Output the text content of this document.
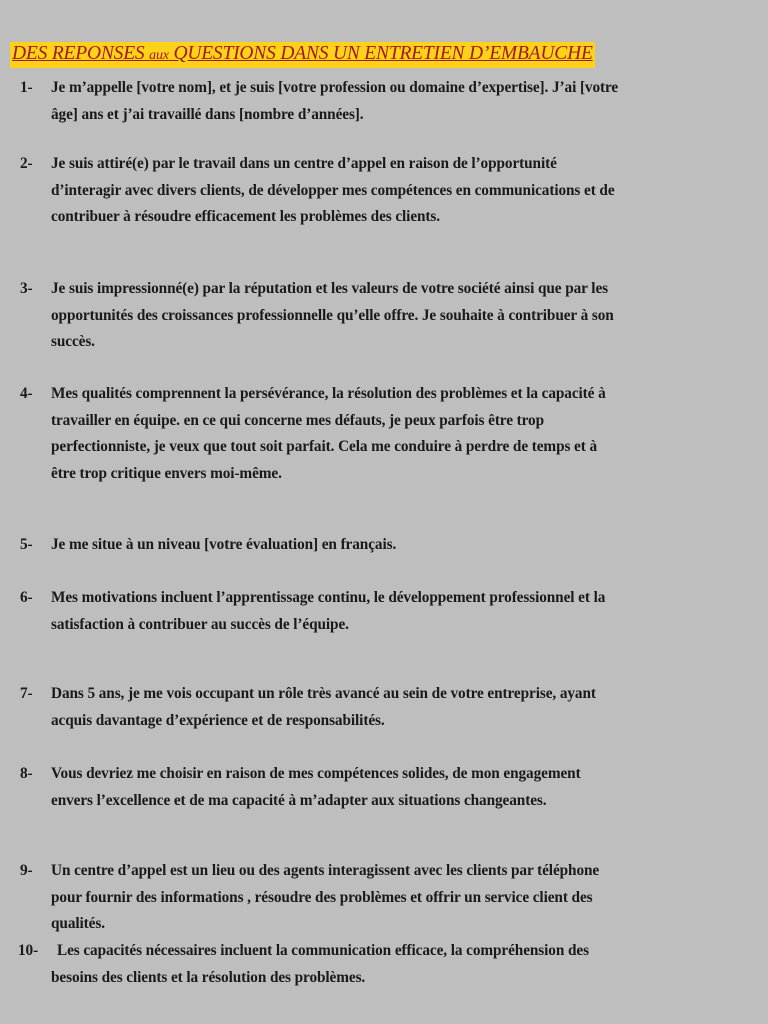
DES REPONSES aux QUESTIONS DANS UN ENTRETIEN D’EMBAUCHE
1- Je m’appelle [votre nom], et je suis [votre profession ou domaine d’expertise]. J’ai [votre
âge] ans et j’ai travaillé dans [nombre d’années].
2- Je suis attiré(e) par le travail dans un centre d’appel en raison de l’opportunité
d’interagir avec divers clients, de développer mes compétences en communications et de
contribuer à résoudre efficacement les problèmes des clients.
3- Je suis impressionné(e) par la réputation et les valeurs de votre société ainsi que par les
opportunités des croissances professionnelle qu’elle offre. Je souhaite à contribuer à son
succès.
4- Mes qualités comprennent la persévérance, la résolution des problèmes et la capacité à
travailler en équipe. en ce qui concerne mes défauts, je peux parfois être trop
perfectionniste, je veux que tout soit parfait. Cela me conduire à perdre de temps et à
être trop critique envers moi-même.
5- Je me situe à un niveau [votre évaluation] en français.
6- Mes motivations incluent l’apprentissage continu, le développement professionnel et la
satisfaction à contribuer au succès de l’équipe.
7- Dans 5 ans, je me vois occupant un rôle très avancé au sein de votre entreprise, ayant
acquis davantage d’expérience et de responsabilités.
8- Vous devriez me choisir en raison de mes compétences solides, de mon engagement
envers l’excellence et de ma capacité à m’adapter aux situations changeantes.
9- Un centre d’appel est un lieu ou des agents interagissent avec les clients par téléphone
pour fournir des informations , résoudre des problèmes et offrir un service client des
qualités.
10- Les capacités nécessaires incluent la communication efficace, la compréhension des
besoins des clients et la résolution des problèmes.
